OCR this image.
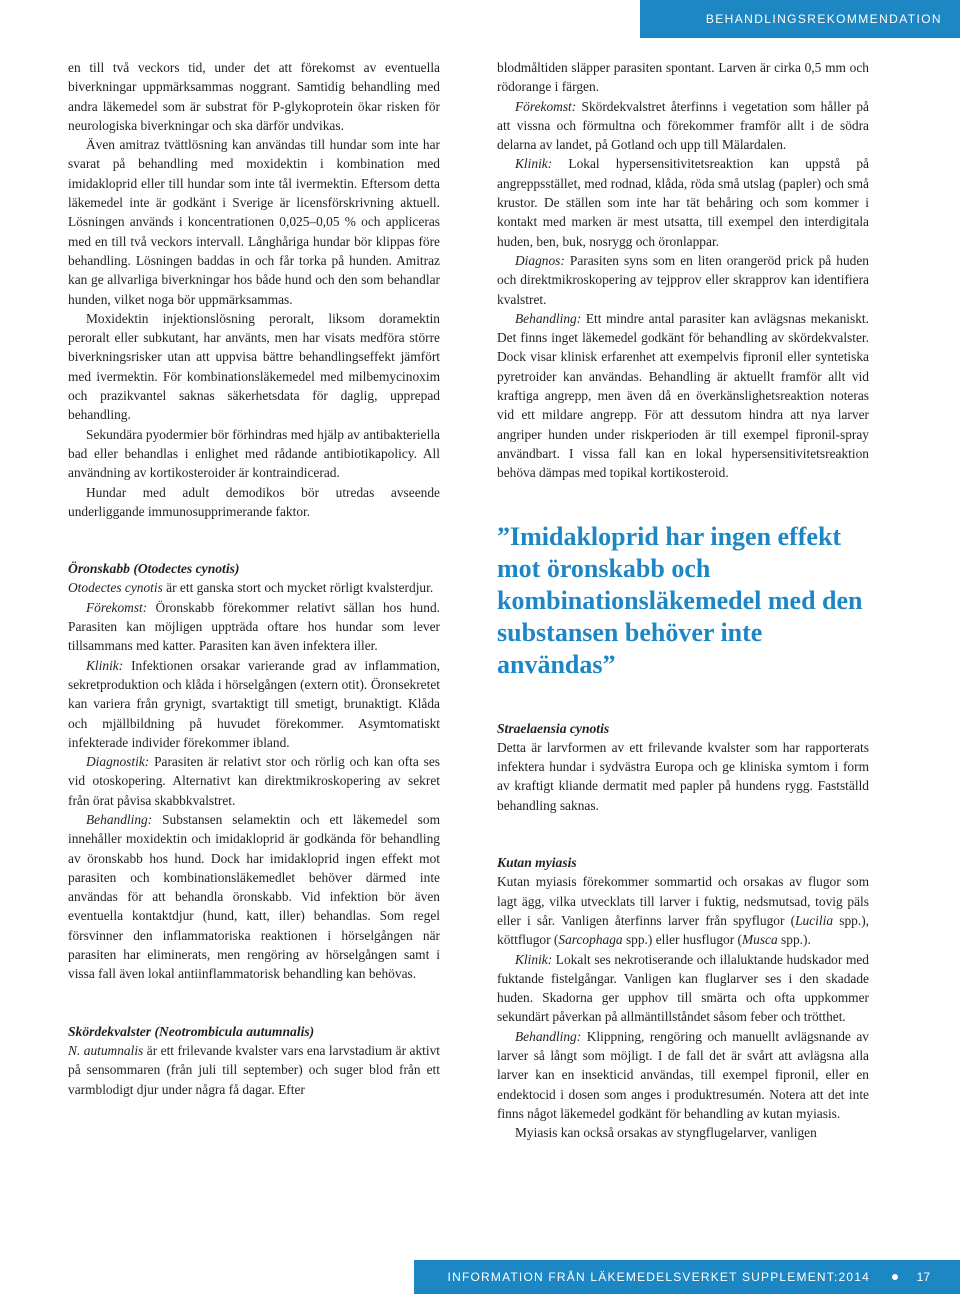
BEHANDLINGSREKOMMENDATION

en till två veckors tid, under det att förekomst av eventuella biverkningar uppmärksammas noggrant. Samtidig behandling med andra läkemedel som är substrat för P-glykoprotein ökar risken för neurologiska biverkningar och ska därför undvikas.

Även amitraz tvättlösning kan användas till hundar som inte har svarat på behandling med moxidektin i kombination med imidakloprid eller till hundar som inte tål ivermektin. Eftersom detta läkemedel inte är godkänt i Sverige är licensförskrivning aktuell. Lösningen används i koncentrationen 0,025–0,05 % och appliceras med en till två veckors intervall. Långhåriga hundar bör klippas före behandling. Lösningen baddas in och får torka på hunden. Amitraz kan ge allvarliga biverkningar hos både hund och den som behandlar hunden, vilket noga bör uppmärksammas.

Moxidektin injektionslösning peroralt, liksom doramektin peroralt eller subkutant, har använts, men har visats medföra större biverkningsrisker utan att uppvisa bättre behandlingseffekt jämfört med ivermektin. För kombinationsläkemedel med milbemycinoxim och prazikvantel saknas säkerhetsdata för daglig, upprepad behandling.

Sekundära pyodermier bör förhindras med hjälp av antibakteriella bad eller behandlas i enlighet med rådande antibiotikapolicy. All användning av kortikosteroider är kontraindicerad.

Hundar med adult demodikos bör utredas avseende underliggande immunosupprimerande faktor.

Öronskabb (Otodectes cynotis)

Otodectes cynotis är ett ganska stort och mycket rörligt kvalsterdjur.

Förekomst: Öronskabb förekommer relativt sällan hos hund. Parasiten kan möjligen uppträda oftare hos hundar som lever tillsammans med katter. Parasiten kan även infektera iller.

Klinik: Infektionen orsakar varierande grad av inflammation, sekretproduktion och klåda i hörselgången (extern otit). Öronsekretet kan variera från grynigt, svartaktigt till smetigt, brunaktigt. Klåda och mjällbildning på huvudet förekommer. Asymtomatiskt infekterade individer förekommer ibland.

Diagnostik: Parasiten är relativt stor och rörlig och kan ofta ses vid otoskopering. Alternativt kan direktmikroskopering av sekret från örat påvisa skabbkvalstret.

Behandling: Substansen selamektin och ett läkemedel som innehåller moxidektin och imidakloprid är godkända för behandling av öronskabb hos hund. Dock har imidakloprid ingen effekt mot parasiten och kombinationsläkemedlet behöver därmed inte användas för att behandla öronskabb. Vid infektion bör även eventuella kontaktdjur (hund, katt, iller) behandlas. Som regel försvinner den inflammatoriska reaktionen i hörselgången när parasiten har eliminerats, men rengöring av hörselgången samt i vissa fall även lokal antiinflammatorisk behandling kan behövas.

Skördekvalster (Neotrombicula autumnalis)

N. autumnalis är ett frilevande kvalster vars ena larvstadium är aktivt på sensommaren (från juli till september) och suger blod från ett varmblodigt djur under några få dagar. Efter

blodmåltiden släpper parasiten spontant. Larven är cirka 0,5 mm och rödorange i färgen.

Förekomst: Skördekvalstret återfinns i vegetation som håller på att vissna och förmultna och förekommer framför allt i de södra delarna av landet, på Gotland och upp till Mälardalen.

Klinik: Lokal hypersensitivitetsreaktion kan uppstå på angreppsstället, med rodnad, klåda, röda små utslag (papler) och små krustor. De ställen som inte har tät behåring och som kommer i kontakt med marken är mest utsatta, till exempel den interdigitala huden, ben, buk, nosrygg och öronlappar.

Diagnos: Parasiten syns som en liten orangeröd prick på huden och direktmikroskopering av tejpprov eller skrapprov kan identifiera kvalstret.

Behandling: Ett mindre antal parasiter kan avlägsnas mekaniskt. Det finns inget läkemedel godkänt för behandling av skördekvalster. Dock visar klinisk erfarenhet att exempelvis fipronil eller syntetiska pyretroider kan användas. Behandling är aktuellt framför allt vid kraftiga angrepp, men även då en överkänslighetsreaktion noteras vid ett mildare angrepp. För att dessutom hindra att nya larver angriper hunden under riskperioden är till exempel fipronil-spray användbart. I vissa fall kan en lokal hypersensitivitetsreaktion behöva dämpas med topikal kortikosteroid.

”Imidakloprid har ingen effekt mot öronskabb och kombinationsläkemedel med den substansen behöver inte användas”

Straelaensia cynotis

Detta är larvformen av ett frilevande kvalster som har rapporterats infektera hundar i sydvästra Europa och ge kliniska symtom i form av kraftigt kliande dermatit med papler på hundens rygg. Fastställd behandling saknas.

Kutan myiasis

Kutan myiasis förekommer sommartid och orsakas av flugor som lagt ägg, vilka utvecklats till larver i fuktig, nedsmutsad, tovig päls eller i sår. Vanligen återfinns larver från spyflugor (Lucilia spp.), köttflugor (Sarcophaga spp.) eller husflugor (Musca spp.).

Klinik: Lokalt ses nekrotiserande och illaluktande hudskador med fuktande fistelgångar. Vanligen kan fluglarver ses i den skadade huden. Skadorna ger upphov till smärta och ofta uppkommer sekundärt påverkan på allmäntillståndet såsom feber och trötthet.

Behandling: Klippning, rengöring och manuellt avlägsnande av larver så långt som möjligt. I de fall det är svårt att avlägsna alla larver kan en insekticid användas, till exempel fipronil, eller en endektocid i dosen som anges i produktresumén. Notera att det inte finns något läkemedel godkänt för behandling av kutan myiasis.

Myiasis kan också orsakas av styngflugelarver, vanligen

INFORMATION FRÅN LÄKEMEDELSVERKET SUPPLEMENT:2014	17
